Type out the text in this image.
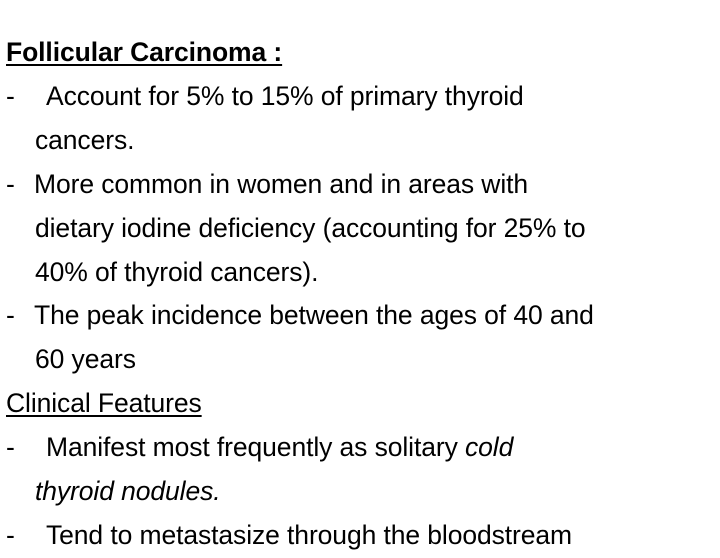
Follicular Carcinoma :
-	Account for 5% to 15% of primary thyroid
cancers.
- More common in women and in areas with
dietary iodine deficiency (accounting for 25% to
40% of thyroid cancers).
- The peak incidence between the ages of 40 and
60 years
Clinical Features
-	Manifest most frequently as solitary cold
thyroid nodules.
-	Tend to metastasize through the bloodstream
